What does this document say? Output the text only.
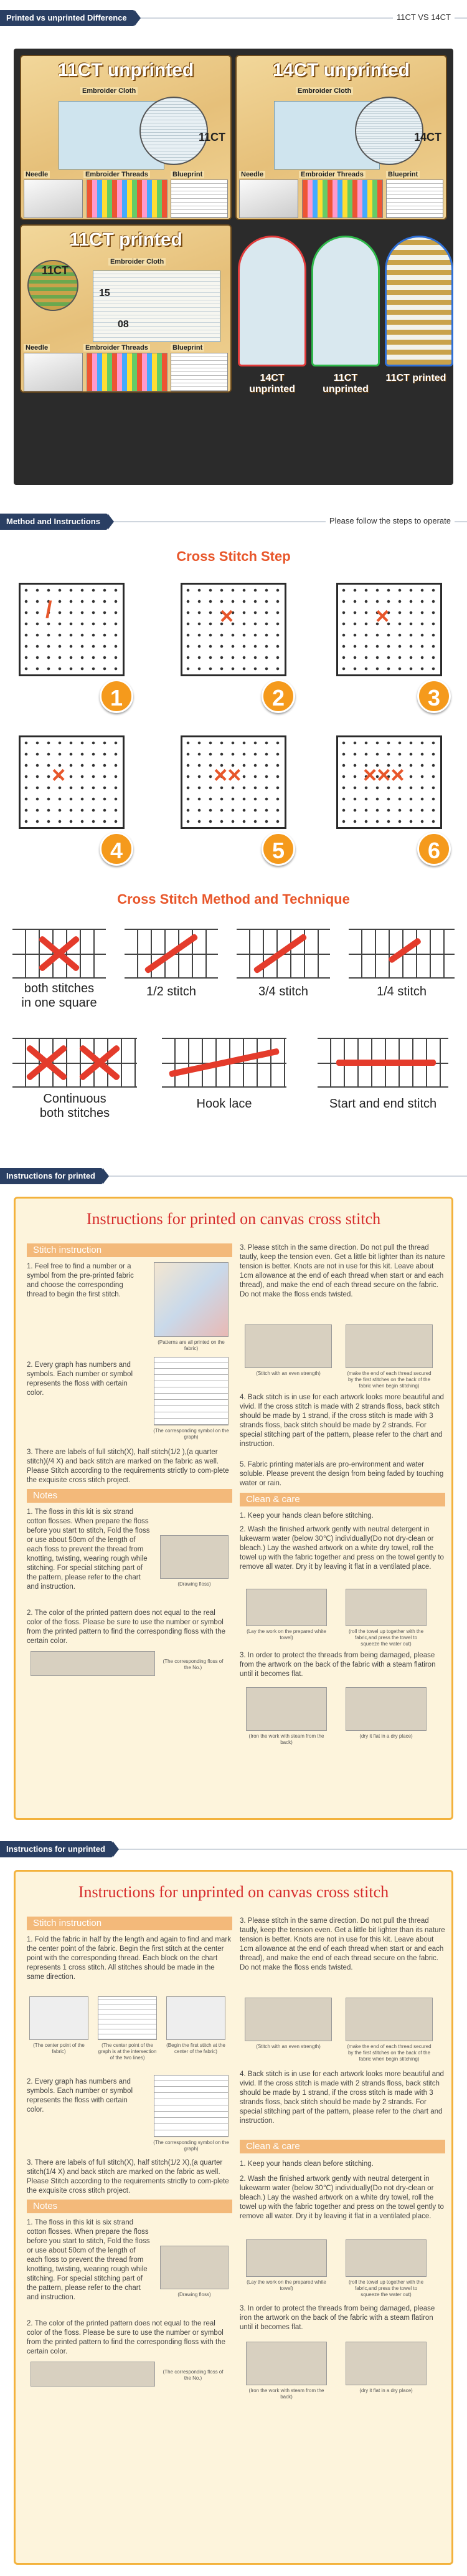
Printed vs unprinted Difference	11CT VS 14CT
11CT unprinted
Embroider Cloth
11CT
Needle	Embroider Threads	Blueprint
14CT unprinted
Embroider Cloth
14CT
Needle	Embroider Threads	Blueprint
11CT printed
Embroider Cloth
11CT
15
08
Needle	Embroider Threads	Blueprint
14CT unprinted
11CT unprinted
11CT printed
Method and Instructions	Please follow the steps to operate
Cross Stitch Step
/
1
×
2
×
3
×
4
××
5
×××
6
Cross Stitch Method and Technique
both stitches
in one square
1/2 stitch	3/4 stitch	1/4 stitch
Continuous
both stitches
Hook lace	Start and end stitch
Instructions for printed
Instructions for printed on canvas cross stitch
Stitch instruction
1. Feel free to find a number or a symbol from the pre-printed fabric and choose the corresponding thread to begin the first stitch.
(Patterns are all printed on the fabric)
2. Every graph has numbers and symbols. Each number or symbol represents the floss with certain color.
(The corresponding symbol on the graph)
3. There are labels of full stitch(X), half stitch(1/2 ),(a quarter stitch)(/4 X) and back stitch are marked on the fabric as well. Please Stitch according to the requirements strictly to com-plete the exquisite cross stitch project.
Notes
1. The floss in this kit is six strand cotton flosses. When prepare the floss before you start to stitch, Fold the floss or use about 50cm of the length of each floss to prevent the thread from knotting, twisting, wearing rough while stitching. For special stitching part of the pattern, please refer to the chart and instruction.	(Drawing floss)
2. The color of the printed pattern does not equal to the real color of the floss. Please be sure to use the number or symbol from the printed pattern to find the corresponding floss with the certain color.
(The corresponding floss of the No.)
3. Please stitch in the same direction. Do not pull the thread tautly, keep the tension even. Get a little bit lighter than its nature tension is better. Knots are not in use for this kit. Leave about 1cm allowance at the end of each thread when start or and each thread), and make the end of each thread secure on the fabric. Do not make the floss ends twisted.
(Stitch with an even strength)	(make the end of each thread secured by the first stitches on the back of the fabric when begin stitching)
4. Back stitch is in use for each artwork looks more beautiful and vivid. If the cross stitch is made with 2 strands floss, back stitch should be made by 1 strand, if the cross stitch is made with 3 strands floss, back stitch should be made by 2 strands. For special stitching part of the pattern, please refer to the chart and instruction.
5. Fabric printing materials are pro-environment and water soluble. Please prevent the design from being faded by touching water or rain.
Clean & care
1. Keep your hands clean before stitching.
2. Wash the finished artwork gently with neutral detergent in lukewarm water (below 30℃) individually(Do not dry-clean or bleach.) Lay the washed artwork on a white dry towel, roll the towel up with the fabric together and press on the towel gently to remove all water. Dry it by leaving it flat in a ventilated place.
(Lay the work on the prepared white towel)
(roll the towel up together with the fabric,and press the towel to squeeze the water out)
3. In order to protect the threads from being damaged, please from the artwork on the back of the fabric with a steam flatiron until it becomes flat.
(Iron the work with steam from the back)
(dry it flat in a dry place)
Instructions for unprinted
Instructions for unprinted on canvas cross stitch
Stitch instruction
1. Fold the fabric in half by the length and again to find and mark the center point of the fabric. Begin the first stitch at the center point with the corresponding thread. Each block on the chart represents 1 cross stitch. All stitches should be made in the same direction.
(The center point of the fabric)
(The center point of the graph is at the intersection of the two lines)
(Begin the first stitch at the center of the fabric)
2. Every graph has numbers and symbols. Each number or symbol represents the floss with certain color.
(The corresponding symbol on the graph)
3. There are labels of full stitch(X), half stitch(1/2 X),(a quarter stitch(1/4 X) and back stitch are marked on the fabric as well. Please Stitch according to the requirements strictly to com-plete the exquisite cross stitch project.
Notes
1. The floss in this kit is six strand cotton flosses. When prepare the floss before you start to stitch, Fold the floss or use about 50cm of the length of each floss to prevent the thread from knotting, twisting, wearing rough while stitching. For special stitching part of the pattern, please refer to the chart and instruction.	(Drawing floss)
2. The color of the printed pattern does not equal to the real color of the floss. Please be sure to use the number or symbol from the printed pattern to find the corresponding floss with the certain color.
(The corresponding floss of the No.)
3. Please stitch in the same direction. Do not pull the thread tautly, keep the tension even. Get a little bit lighter than its nature tension is better. Knots are not in use for this kit. Leave about 1cm allowance at the end of each thread when start or and each thread), and make the end of each thread secure on the fabric. Do not make the floss ends twisted.
(Stitch with an even strength)	(make the end of each thread secured by the first stitches on the back of the fabric when begin stitching)
4. Back stitch is in use for each artwork looks more beautiful and vivid. If the cross stitch is made with 2 strands floss, back stitch should be made by 1 strand, if the cross stitch is made with 3 strands floss, back stitch should be made by 2 strands. For special stitching part of the pattern, please refer to the chart and instruction.
Clean & care
1. Keep your hands clean before stitching.
2. Wash the finished artwork gently with neutral detergent in lukewarm water (below 30℃) individually(Do not dry-clean or bleach.) Lay the washed artwork on a white dry towel, roll the towel up with the fabric together and press on the towel gently to remove all water. Dry it by leaving it flat in a ventilated place.
(Lay the work on the prepared white towel)
(roll the towel up together with the fabric,and press the towel to squeeze the water out)
3. In order to protect the threads from being damaged, please iron the artwork on the back of the fabric with a steam flatiron until it becomes flat.
(Iron the work with steam from the back)
(dry it flat in a dry place)
